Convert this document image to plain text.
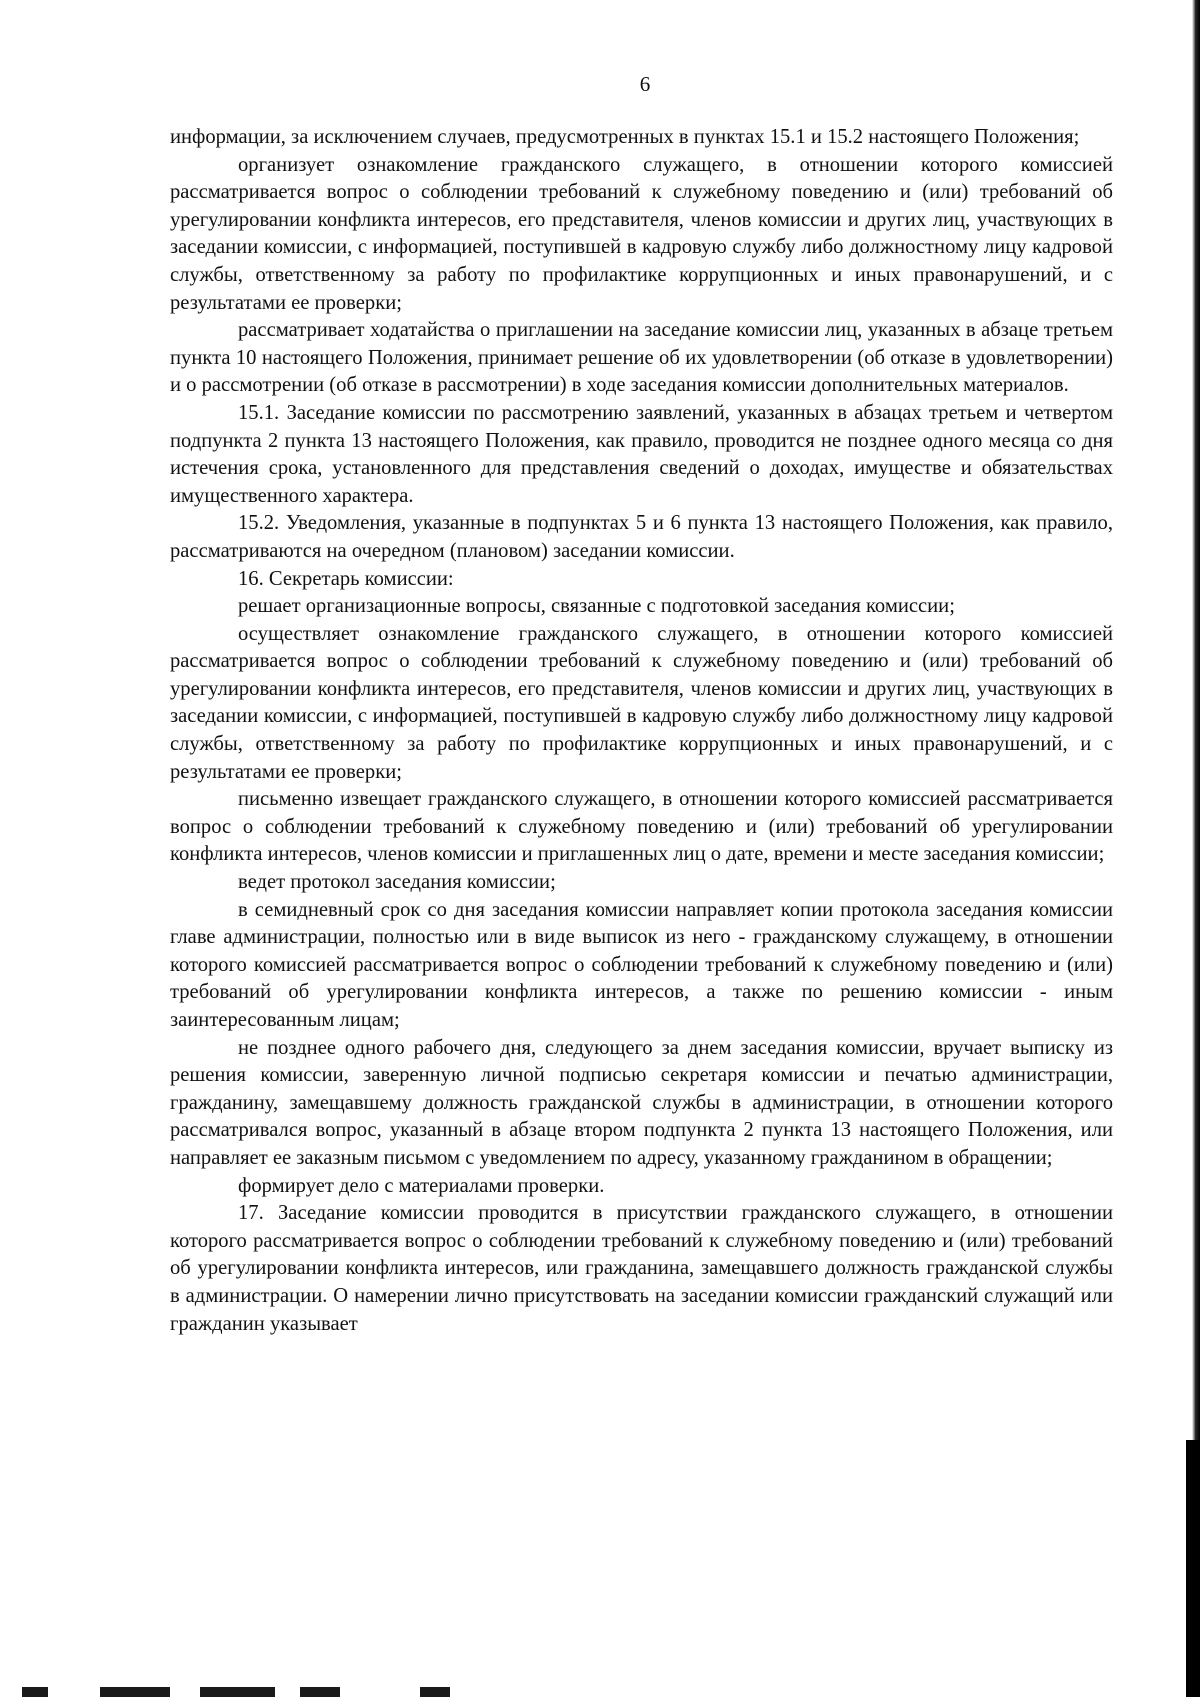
6

информации, за исключением случаев, предусмотренных в пунктах 15.1 и 15.2 настоящего Положения;

организует ознакомление гражданского служащего, в отношении которого комиссией рассматривается вопрос о соблюдении требований к служебному поведению и (или) требований об урегулировании конфликта интересов, его представителя, членов комиссии и других лиц, участвующих в заседании комиссии, с информацией, поступившей в кадровую службу либо должностному лицу кадровой службы, ответственному за работу по профилактике коррупционных и иных правонарушений, и с результатами ее проверки;

рассматривает ходатайства о приглашении на заседание комиссии лиц, указанных в абзаце третьем пункта 10 настоящего Положения, принимает решение об их удовлетворении (об отказе в удовлетворении) и о рассмотрении (об отказе в рассмотрении) в ходе заседания комиссии дополнительных материалов.

15.1. Заседание комиссии по рассмотрению заявлений, указанных в абзацах третьем и четвертом подпункта 2 пункта 13 настоящего Положения, как правило, проводится не позднее одного месяца со дня истечения срока, установленного для представления сведений о доходах, имуществе и обязательствах имущественного характера.

15.2. Уведомления, указанные в подпунктах 5 и 6 пункта 13 настоящего Положения, как правило, рассматриваются на очередном (плановом) заседании комиссии.

16. Секретарь комиссии:

решает организационные вопросы, связанные с подготовкой заседания комиссии;

осуществляет ознакомление гражданского служащего, в отношении которого комиссией рассматривается вопрос о соблюдении требований к служебному поведению и (или) требований об урегулировании конфликта интересов, его представителя, членов комиссии и других лиц, участвующих в заседании комиссии, с информацией, поступившей в кадровую службу либо должностному лицу кадровой службы, ответственному за работу по профилактике коррупционных и иных правонарушений, и с результатами ее проверки;

письменно извещает гражданского служащего, в отношении которого комиссией рассматривается вопрос о соблюдении требований к служебному поведению и (или) требований об урегулировании конфликта интересов, членов комиссии и приглашенных лиц о дате, времени и месте заседания комиссии;

ведет протокол заседания комиссии;

в семидневный срок со дня заседания комиссии направляет копии протокола заседания комиссии главе администрации, полностью или в виде выписок из него - гражданскому служащему, в отношении которого комиссией рассматривается вопрос о соблюдении требований к служебному поведению и (или) требований об урегулировании конфликта интересов, а также по решению комиссии - иным заинтересованным лицам;

не позднее одного рабочего дня, следующего за днем заседания комиссии, вручает выписку из решения комиссии, заверенную личной подписью секретаря комиссии и печатью администрации, гражданину, замещавшему должность гражданской службы в администрации, в отношении которого рассматривался вопрос, указанный в абзаце втором подпункта 2 пункта 13 настоящего Положения, или направляет ее заказным письмом с уведомлением по адресу, указанному гражданином в обращении;

формирует дело с материалами проверки.

17. Заседание комиссии проводится в присутствии гражданского служащего, в отношении которого рассматривается вопрос о соблюдении требований к служебному поведению и (или) требований об урегулировании конфликта интересов, или гражданина, замещавшего должность гражданской службы в администрации. О намерении лично присутствовать на заседании комиссии гражданский служащий или гражданин указывает
